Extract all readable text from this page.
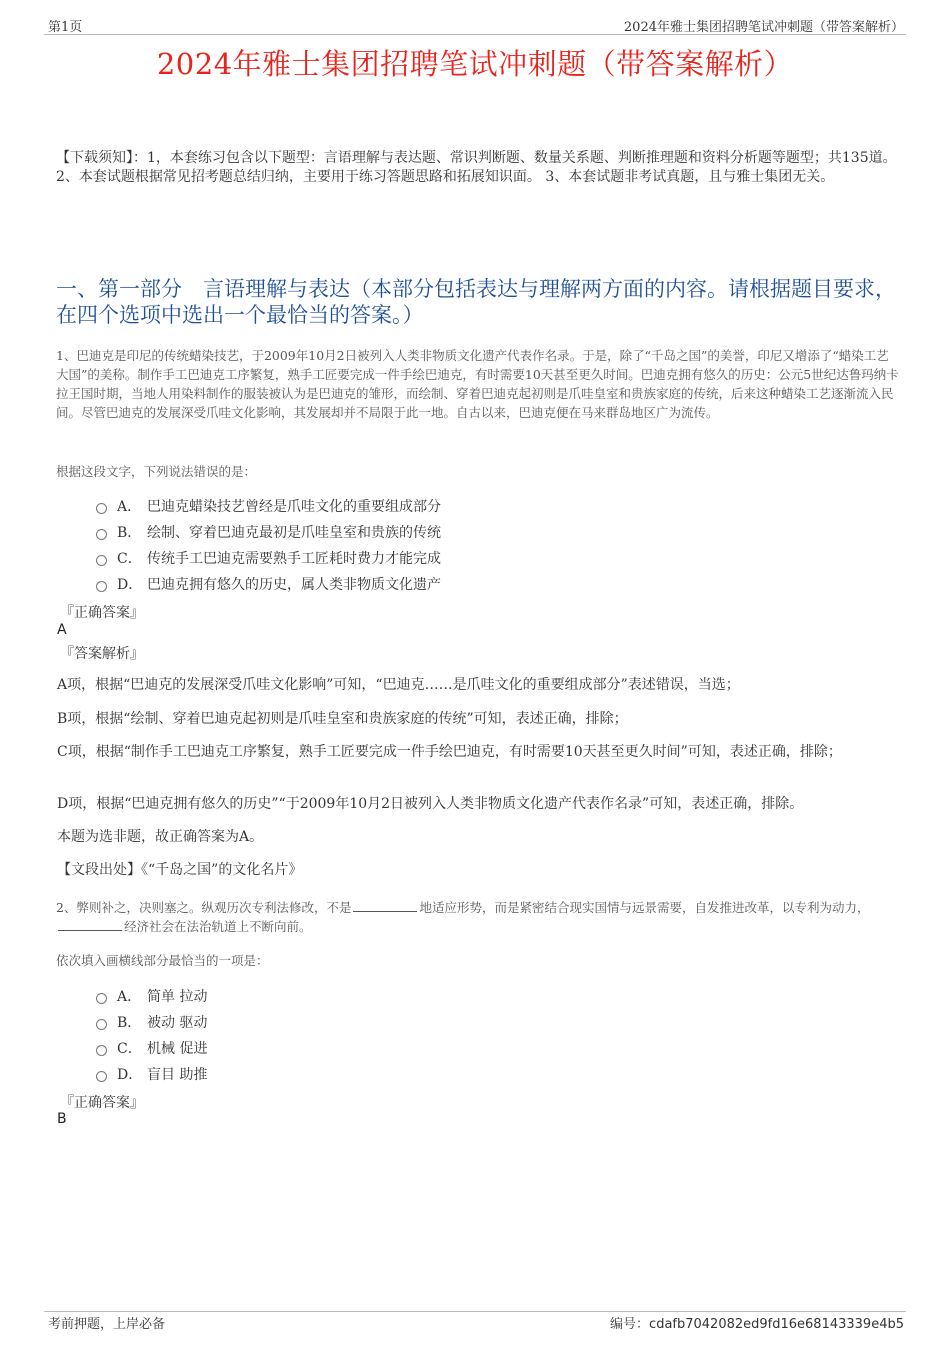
第1页	2024年雅士集团招聘笔试冲刺题（带答案解析）
2024年雅士集团招聘笔试冲刺题（带答案解析）
【下载须知】：1，本套练习包含以下题型：言语理解与表达题、常识判断题、数量关系题、判断推理题和资料分析题等题型；共135道。 2、本套试题根据常见招考题总结归纳，主要用于练习答题思路和拓展知识面。 3、本套试题非考试真题，且与雅士集团无关。
一、第一部分　言语理解与表达（本部分包括表达与理解两方面的内容。请根据题目要求，在四个选项中选出一个最恰当的答案。）
1、巴迪克是印尼的传统蜡染技艺，于2009年10月2日被列入人类非物质文化遗产代表作名录。于是，除了“千岛之国”的美誉，印尼又增添了“蜡染工艺大国”的美称。制作手工巴迪克工序繁复，熟手工匠要完成一件手绘巴迪克，有时需要10天甚至更久时间。巴迪克拥有悠久的历史：公元5世纪达鲁玛纳卡拉王国时期，当地人用染料制作的服装被认为是巴迪克的雏形，而绘制、穿着巴迪克起初则是爪哇皇室和贵族家庭的传统，后来这种蜡染工艺逐渐流入民间。尽管巴迪克的发展深受爪哇文化影响，其发展却并不局限于此一地。自古以来，巴迪克便在马来群岛地区广为流传。
根据这段文字，下列说法错误的是：
A． 巴迪克蜡染技艺曾经是爪哇文化的重要组成部分
B． 绘制、穿着巴迪克最初是爪哇皇室和贵族的传统
C． 传统手工巴迪克需要熟手工匠耗时费力才能完成
D． 巴迪克拥有悠久的历史，属人类非物质文化遗产
『正确答案』
A
『答案解析』
A项，根据“巴迪克的发展深受爪哇文化影响”可知，“巴迪克……是爪哇文化的重要组成部分”表述错误，当选；
B项，根据“绘制、穿着巴迪克起初则是爪哇皇室和贵族家庭的传统”可知，表述正确，排除；
C项，根据“制作手工巴迪克工序繁复，熟手工匠要完成一件手绘巴迪克，有时需要10天甚至更久时间”可知，表述正确，排除；
D项，根据“巴迪克拥有悠久的历史”“于2009年10月2日被列入人类非物质文化遗产代表作名录”可知，表述正确，排除。
本题为选非题，故正确答案为A。
【文段出处】《“千岛之国”的文化名片》
2、弊则补之，决则塞之。纵观历次专利法修改，不是	地适应形势，而是紧密结合现实国情与远景需要，自发推进改革，以专利为动力，经济社会在法治轨道上不断向前。
依次填入画横线部分最恰当的一项是：
A． 简单 拉动
B． 被动 驱动
C． 机械 促进
D． 盲目 助推
『正确答案』
B
考前押题，上岸必备	编号：cdafb7042082ed9fd16e68143339e4b5
